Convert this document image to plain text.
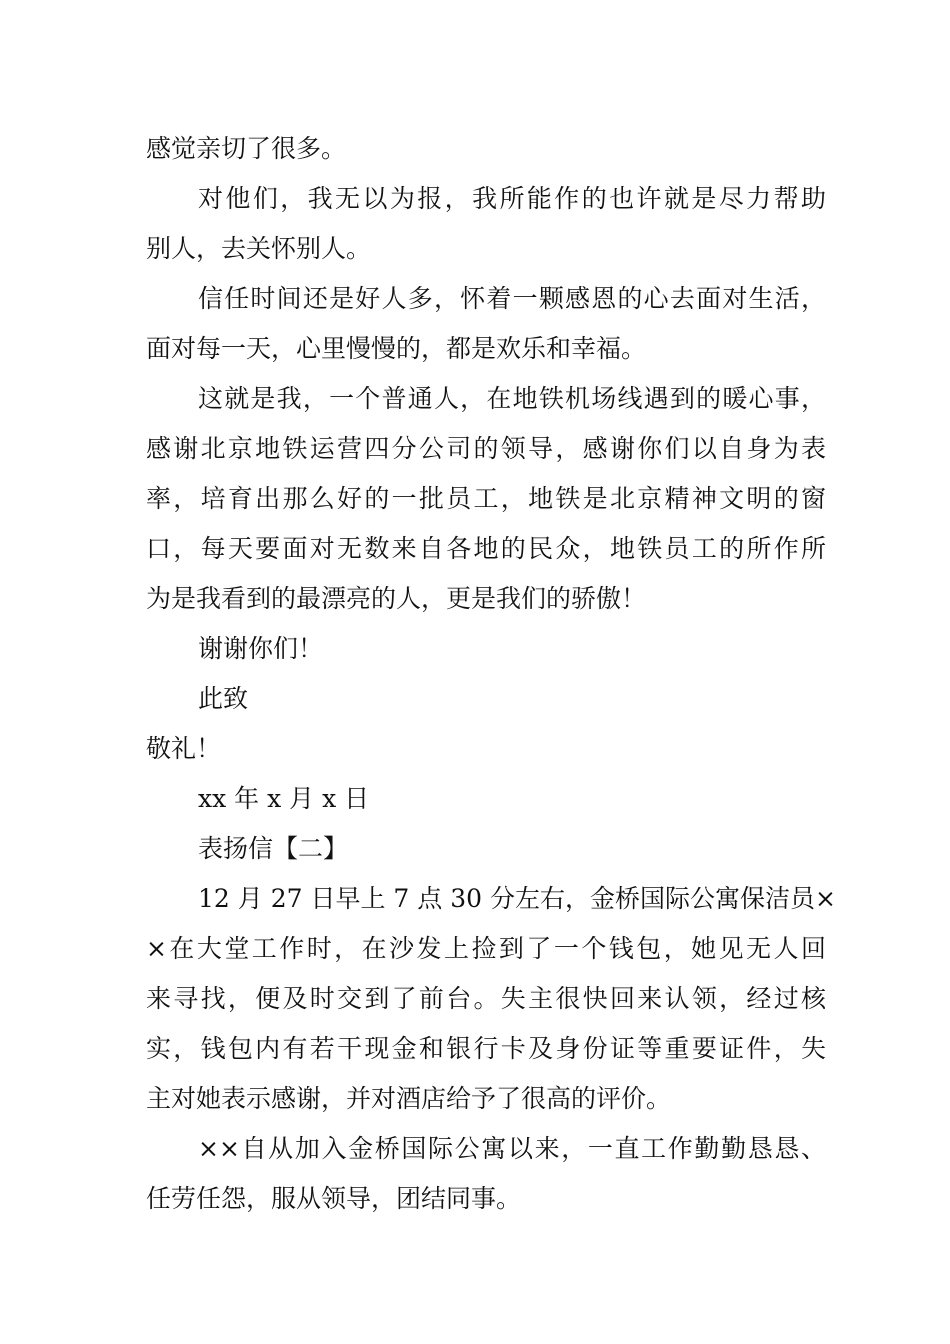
感觉亲切了很多。
对他们，我无以为报，我所能作的也许就是尽力帮助
别人，去关怀别人。
信任时间还是好人多，怀着一颗感恩的心去面对生活，
面对每一天，心里慢慢的，都是欢乐和幸福。
这就是我，一个普通人，在地铁机场线遇到的暖心事，
感谢北京地铁运营四分公司的领导，感谢你们以自身为表
率，培育出那么好的一批员工，地铁是北京精神文明的窗
口，每天要面对无数来自各地的民众，地铁员工的所作所
为是我看到的最漂亮的人，更是我们的骄傲！
谢谢你们！
此致
敬礼！
xx 年 x 月 x 日
表扬信【二】
12 月 27 日早上 7 点 30 分左右，金桥国际公寓保洁员×
×在大堂工作时，在沙发上捡到了一个钱包，她见无人回
来寻找，便及时交到了前台。失主很快回来认领，经过核
实，钱包内有若干现金和银行卡及身份证等重要证件，失
主对她表示感谢，并对酒店给予了很高的评价。
××自从加入金桥国际公寓以来，一直工作勤勤恳恳、
任劳任怨，服从领导，团结同事。
